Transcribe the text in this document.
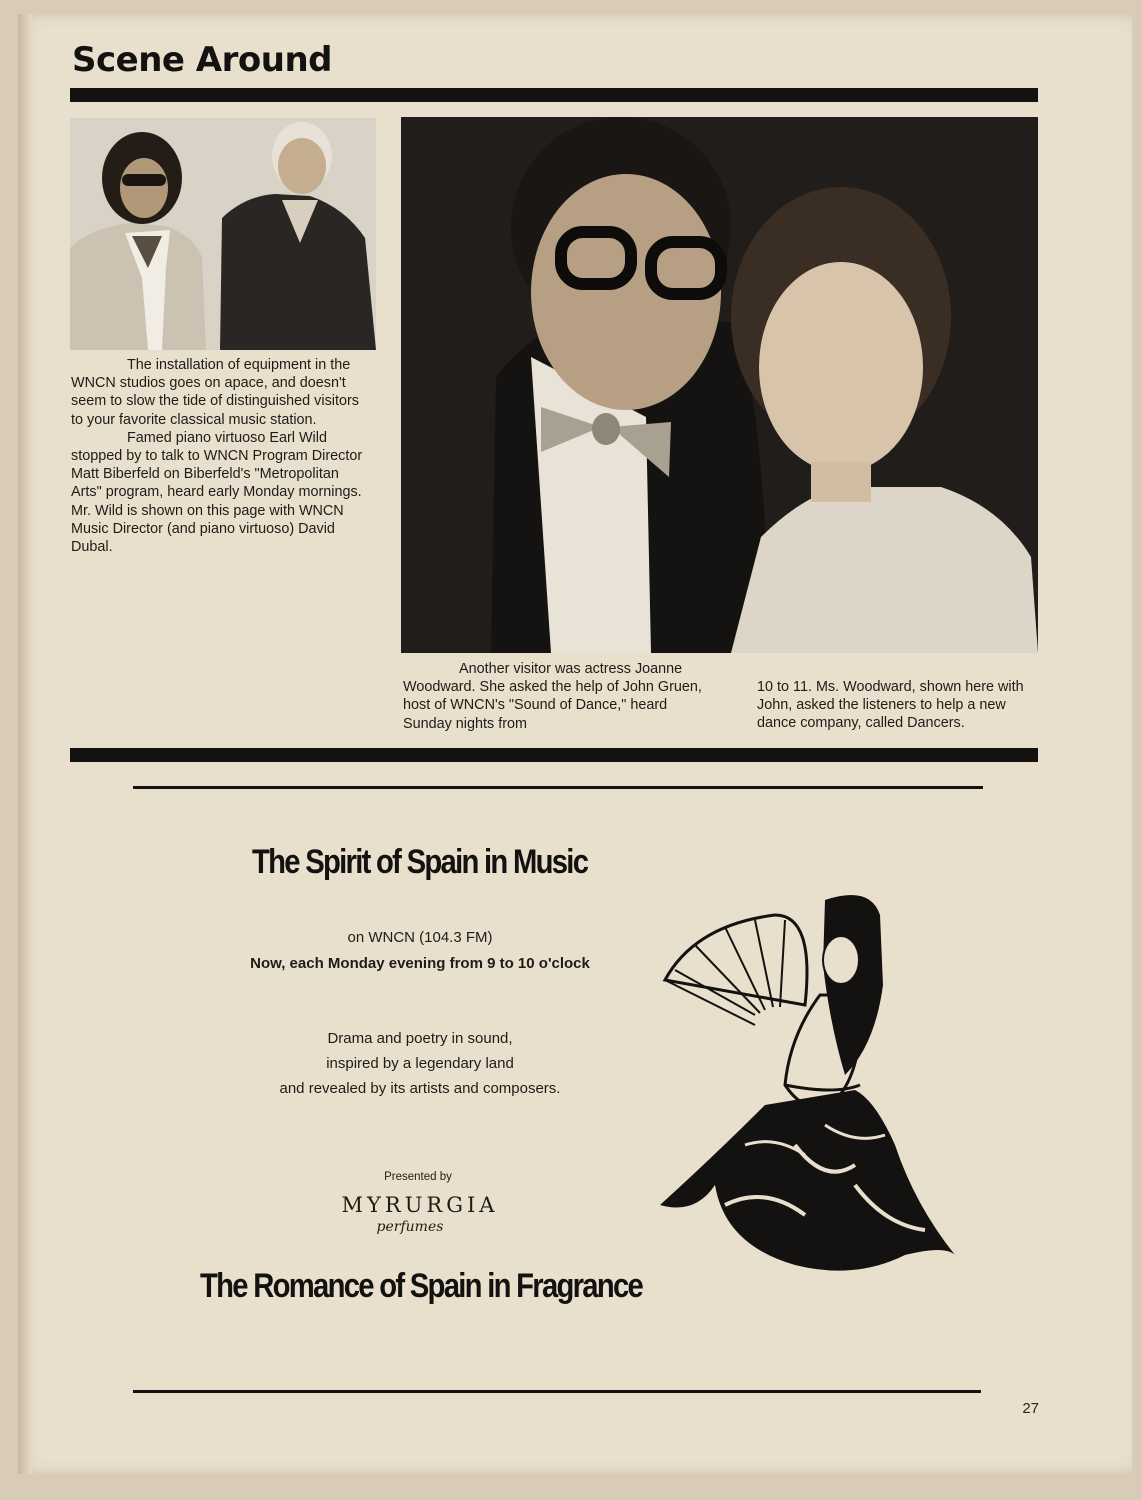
Scene Around

The installation of equipment in the WNCN studios goes on apace, and doesn't seem to slow the tide of distinguished visitors to your favorite classical music station.

Famed piano virtuoso Earl Wild stopped by to talk to WNCN Program Director Matt Biberfeld on Biberfeld's "Metropolitan Arts" program, heard early Monday mornings. Mr. Wild is shown on this page with WNCN Music Director (and piano virtuoso) David Dubal.

Another visitor was actress Joanne Woodward. She asked the help of John Gruen, host of WNCN's "Sound of Dance," heard Sunday nights from

10 to 11. Ms. Woodward, shown here with John, asked the listeners to help a new dance company, called Dancers.

The Spirit of Spain in Music
on WNCN (104.3 FM)
Now, each Monday evening from 9 to 10 o'clock
Drama and poetry in sound,
inspired by a legendary land
and revealed by its artists and composers.
Presented by
MYRURGIA
perfumes
The Romance of Spain in Fragrance
27
